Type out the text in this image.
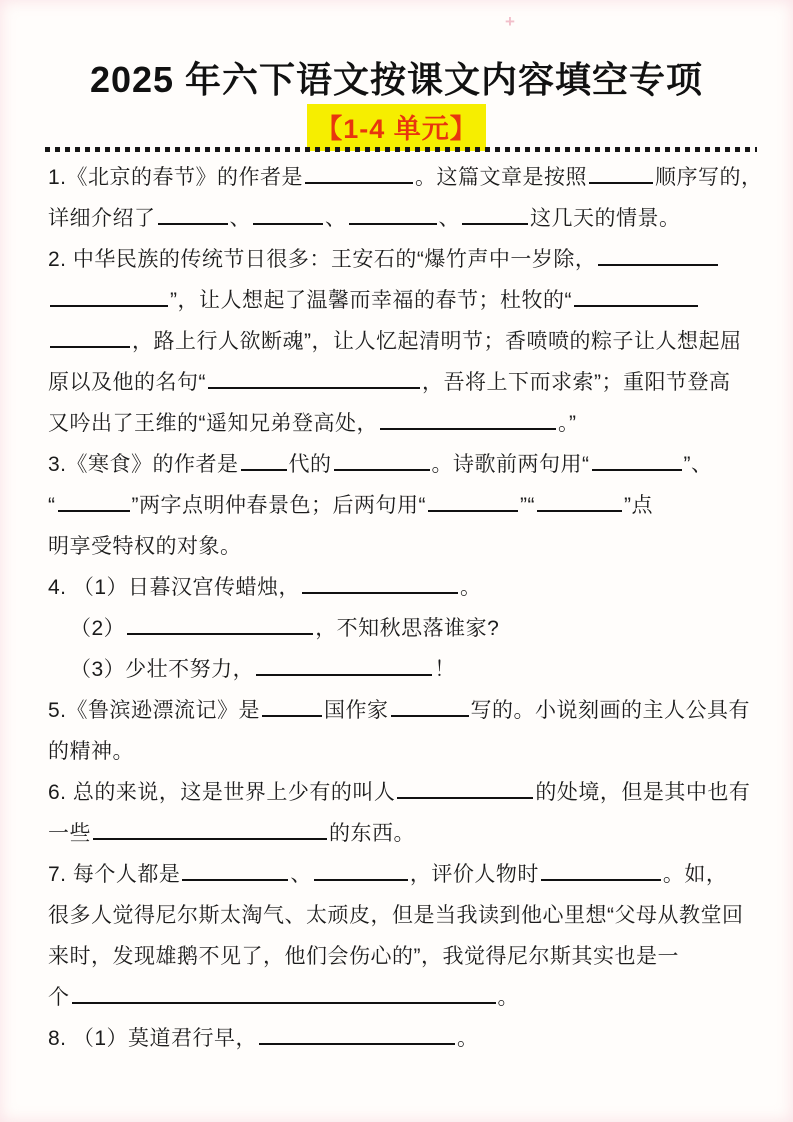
+
2025 年六下语文按课文内容填空专项
【1-4 单元】
1.《北京的春节》的作者是	。这篇文章是按照	顺序写的，
详细介绍了	、	、	、	这几天的情景。
2. 中华民族的传统节日很多：王安石的“爆竹声中一岁除，
”，让人想起了温馨而幸福的春节；杜牧的“
，路上行人欲断魂”，让人忆起清明节；香喷喷的粽子让人想起屈
原以及他的名句“	，吾将上下而求索”；重阳节登高
又吟出了王维的“遥知兄弟登高处，	。”
3.《寒食》的作者是 代的	。诗歌前两句用“	”、
“	”两字点明仲春景色；后两句用“	”“	”点
明享受特权的对象。
4. （1）日暮汉宫传蜡烛，	。
（2）	，不知秋思落谁家?
（3）少壮不努力，	！
5.《鲁滨逊漂流记》是	国作家	写的。小说刻画的主人公具有
的精神。
6. 总的来说，这是世界上少有的叫人	的处境，但是其中也有
一些	的东西。
7. 每个人都是	、	，评价人物时	。如，
很多人觉得尼尔斯太淘气、太顽皮，但是当我读到他心里想“父母从教堂回
来时，发现雄鹅不见了，他们会伤心的”，我觉得尼尔斯其实也是一
个	。
8. （1）莫道君行早，	。
